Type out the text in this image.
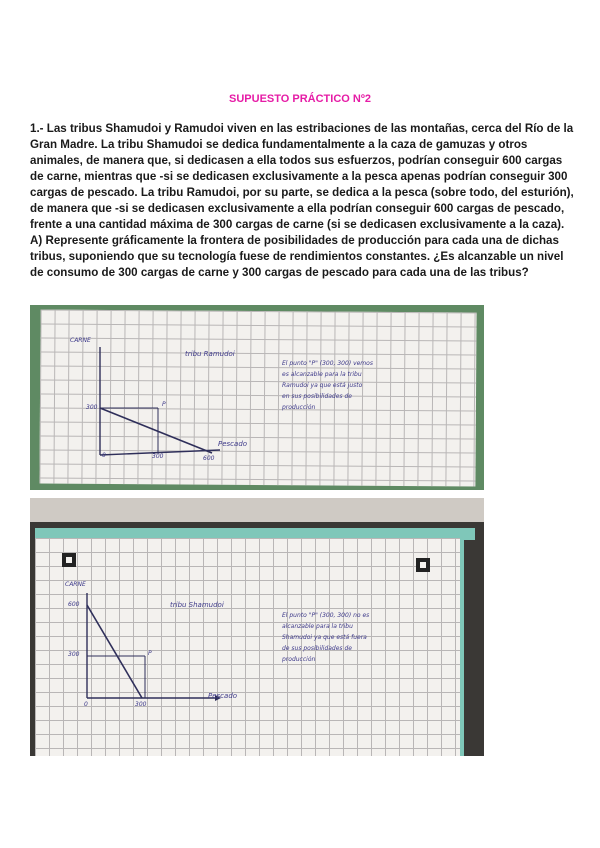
SUPUESTO PRÁCTICO Nº2
1.- Las tribus Shamudoi y Ramudoi viven en las estribaciones de las montañas, cerca del Río de la Gran Madre. La tribu Shamudoi se dedica fundamentalmente a la caza de gamuzas y otros animales, de manera que, si dedicasen a ella todos sus esfuerzos, podrían conseguir 600 cargas de carne, mientras que -si se dedicasen exclusivamente a la pesca apenas podrían conseguir 300 cargas de pescado. La tribu Ramudoi, por su parte, se dedica a la pesca (sobre todo, del esturión), de manera que -si se dedicasen exclusivamente a ella podrían conseguir 600 cargas de pescado, frente a una cantidad máxima de 300 cargas de carne (si se dedicasen exclusivamente a la caza). A) Represente gráficamente la frontera de posibilidades de producción para cada una de dichas tribus, suponiendo que su tecnología fuese de rendimientos constantes. ¿Es alcanzable un nivel de consumo de 300 cargas de carne y 300 cargas de pescado para cada una de las tribus?
CARNE
tribu Ramudoi
300	P
Pescado
0	300	600
El punto "P" (300, 300) vemos
es alcanzable para la tribu
Ramudoi ya que está justo
en sus posibilidades de
producción
CARNE
600	tribu Shamudoi
300	P
0	300
Pescado
El punto "P" (300, 300) no es
alcanzable para la tribu
Shamudoi ya que está fuera
de sus posibilidades de
producción
